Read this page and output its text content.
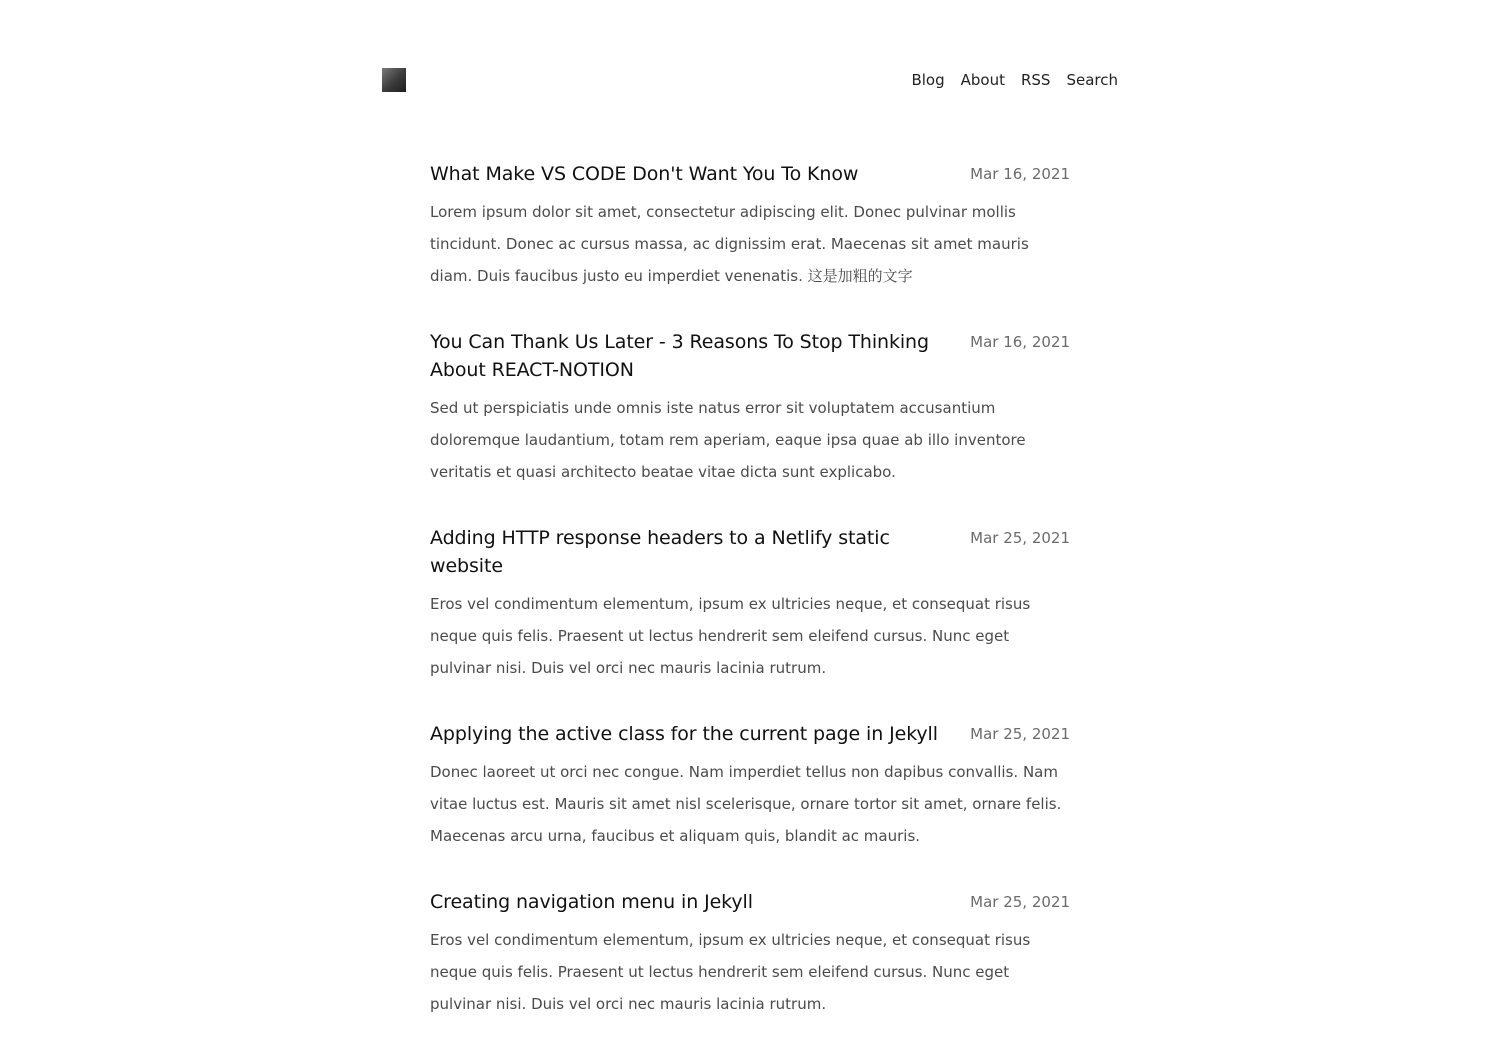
Blog About RSS Search
What Make VS CODE Don't Want You To Know	Mar 16, 2021

Lorem ipsum dolor sit amet, consectetur adipiscing elit. Donec pulvinar mollis tincidunt. Donec ac cursus massa, ac dignissim erat. Maecenas sit amet mauris diam. Duis faucibus justo eu imperdiet venenatis. 这是加粗的文字

You Can Thank Us Later - 3 Reasons To Stop Thinking About REACT-NOTION
Mar 16, 2021

Sed ut perspiciatis unde omnis iste natus error sit voluptatem accusantium doloremque laudantium, totam rem aperiam, eaque ipsa quae ab illo inventore veritatis et quasi architecto beatae vitae dicta sunt explicabo.

Adding HTTP response headers to a Netlify static website
Mar 25, 2021

Eros vel condimentum elementum, ipsum ex ultricies neque, et consequat risus neque quis felis. Praesent ut lectus hendrerit sem eleifend cursus. Nunc eget pulvinar nisi. Duis vel orci nec mauris lacinia rutrum.

Applying the active class for the current page in Jekyll Mar 25, 2021

Donec laoreet ut orci nec congue. Nam imperdiet tellus non dapibus convallis. Nam vitae luctus est. Mauris sit amet nisl scelerisque, ornare tortor sit amet, ornare felis. Maecenas arcu urna, faucibus et aliquam quis, blandit ac mauris.

Creating navigation menu in Jekyll	Mar 25, 2021

Eros vel condimentum elementum, ipsum ex ultricies neque, et consequat risus neque quis felis. Praesent ut lectus hendrerit sem eleifend cursus. Nunc eget pulvinar nisi. Duis vel orci nec mauris lacinia rutrum.
